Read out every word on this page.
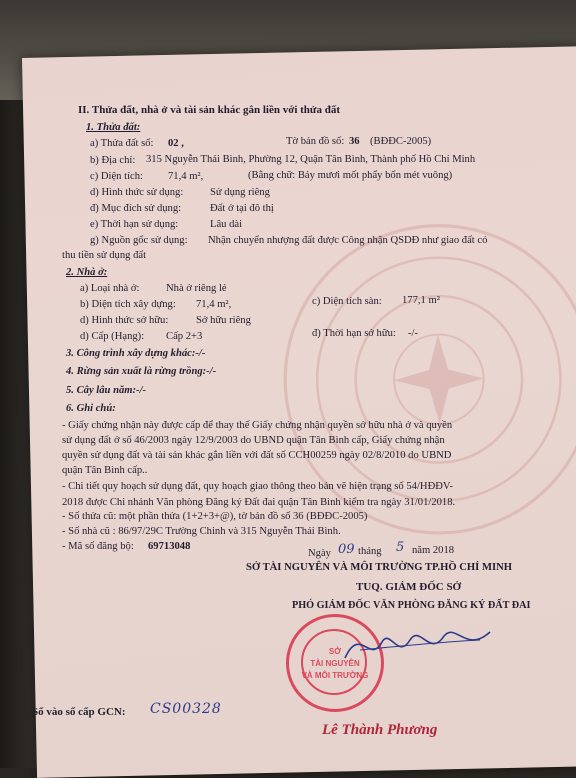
II. Thửa đất, nhà ở và tài sản khác gắn liền với thửa đất
1. Thửa đất:
a) Thửa đất số: 02 ,	Tờ bản đồ số: 36 (BĐĐC-2005)
b) Địa chỉ: 315 Nguyễn Thái Bình, Phường 12, Quận Tân Bình, Thành phố Hồ Chí Minh
c) Diện tích: 71,4 m²,	(Bằng chữ: Bảy mươi mốt phẩy bốn mét vuông)
d) Hình thức sử dụng:	Sử dụng riêng
đ) Mục đích sử dụng:	Đất ở tại đô thị
e) Thời hạn sử dụng:	Lâu dài
g) Nguồn gốc sử dụng: Nhận chuyển nhượng đất được Công nhận QSDĐ như giao đất có
thu tiền sử dụng đất
2. Nhà ở:
a) Loại nhà ở:	Nhà ở riêng lẻ
b) Diện tích xây dựng: 71,4 m²,	c) Diện tích sàn: 177,1 m²
d) Hình thức sở hữu:	Sở hữu riêng
d) Cấp (Hạng): Cấp 2+3	đ) Thời hạn sở hữu: -/-
3. Công trình xây dựng khác:-/-
4. Rừng sản xuất là rừng trồng:-/-
5. Cây lâu năm:-/-
6. Ghi chú:
- Giấy chứng nhận này được cấp để thay thế Giấy chứng nhận quyền sở hữu nhà ở và quyền
sử dụng đất ở số 46/2003 ngày 12/9/2003 do UBND quận Tân Bình cấp, Giấy chứng nhận
quyền sử dụng đất và tài sản khác gắn liền với đất số CCH00259 ngày 02/8/2010 do UBND
quận Tân Bình cấp..
- Chi tiết quy hoạch sử dụng đất, quy hoạch giao thông theo bản vẽ hiện trạng số 54/HĐĐV-
2018 được Chi nhánh Văn phòng Đăng ký Đất đai quận Tân Bình kiểm tra ngày 31/01/2018.
- Số thửa cũ: một phần thửa (1+2+3+@), tờ bản đồ số 36 (BĐĐC-2005)
- Số nhà cũ : 86/97/29C Trường Chinh và 315 Nguyễn Thái Bình.
- Mã số đăng bộ: 69713048
Ngày 09 tháng 5 năm 2018
SỞ TÀI NGUYÊN VÀ MÔI TRƯỜNG TP.HỒ CHÍ MINH
TUQ. GIÁM ĐỐC SỞ
PHÓ GIÁM ĐỐC VĂN PHÒNG ĐĂNG KÝ ĐẤT ĐAI
Số vào sổ cấp GCN: CS00328
SỞ
TÀI NGUYÊN
VÀ MÔI TRƯỜNG
Lê Thành Phương
